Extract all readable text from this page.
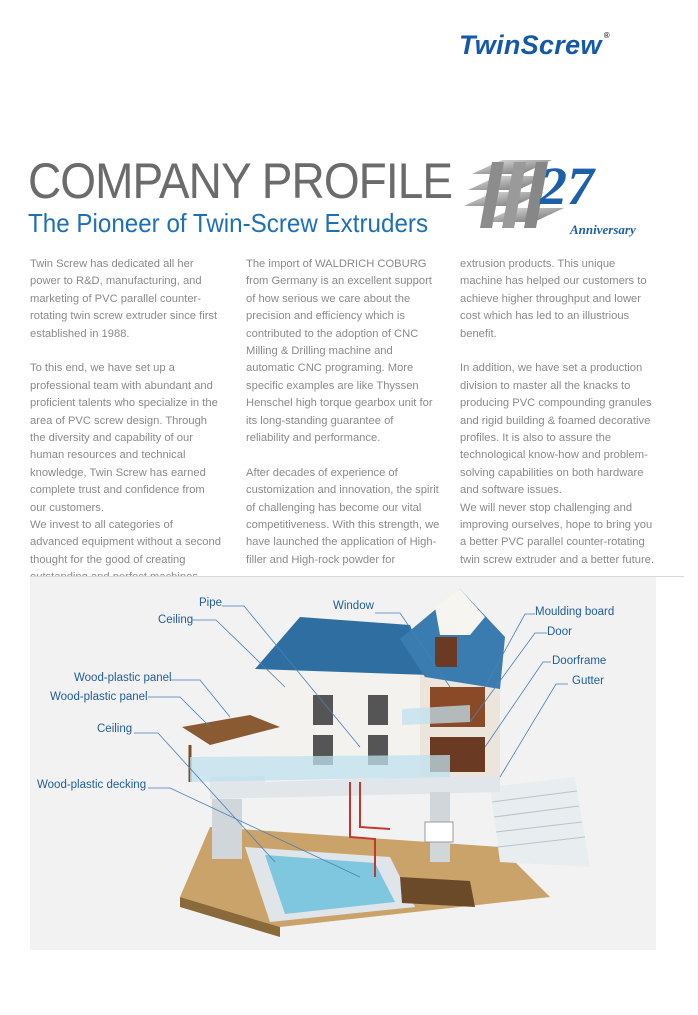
TwinScrew ®
COMPANY PROFILE
The Pioneer of Twin-Screw Extruders
27
Anniversary

Twin Screw has dedicated all her power to R&D, manufacturing, and marketing of PVC parallel counter-rotating twin screw extruder since first established in 1988.

To this end, we have set up a professional team with abundant and proficient talents who specialize in the area of PVC screw design. Through the diversity and capability of our human resources and technical knowledge, Twin Screw has earned complete trust and confidence from our customers.

We invest to all categories of advanced equipment without a second thought for the good of creating

The import of WALDRICH COBURG from Germany is an excellent support of how serious we care about the precision and efficiency which is contributed to the adoption of CNC Milling & Drilling machine and automatic CNC programing. More specific examples are like Thyssen Henschel high torque gearbox unit for its long-standing guarantee of reliability and performance.

After decades of experience of customization and innovation, the spirit of challenging has become our vital competitiveness. With this strength, we have launched the application of High-filler and High-rock powder for

extrusion products. This unique machine has helped our customers to achieve higher throughput and lower cost which has led to an illustrious benefit.

In addition, we have set a production division to master all the knacks to producing PVC compounding granules and rigid building & foamed decorative profiles. It is also to assure the technological know-how and problem-solving capabilities on both hardware and software issues.

We will never stop challenging and improving ourselves, hope to bring you a better PVC parallel counter-rotating twin screw extruder and a better future.

Pipe
Ceiling
Window	Moulding board
Door
Doorframe
Gutter
Wood-plastic panel
Wood-plastic panel
Ceiling
Wood-plastic decking
